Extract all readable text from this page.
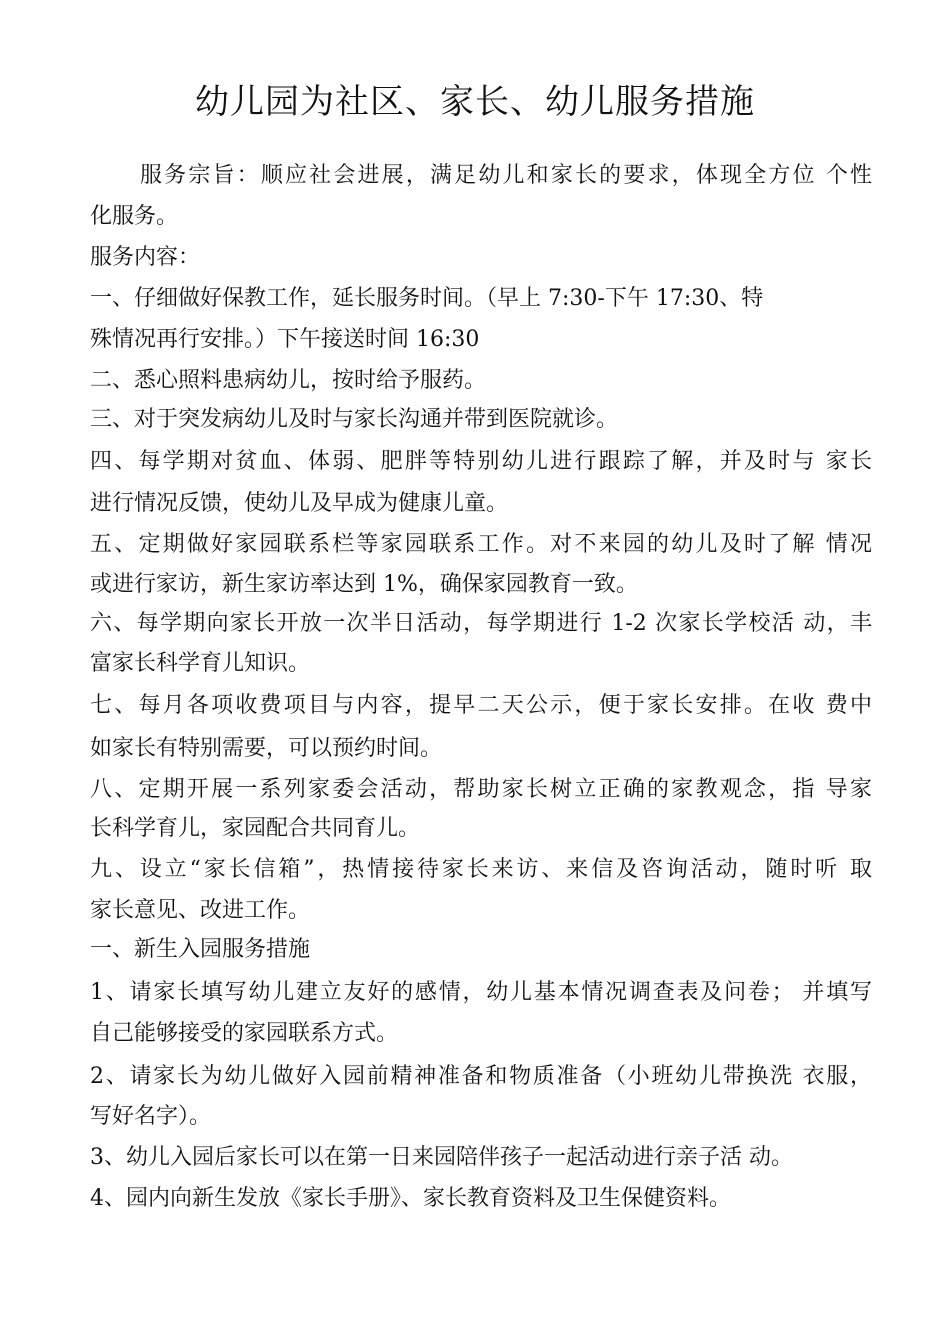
幼儿园为社区、家长、幼儿服务措施
服务宗旨：顺应社会进展，满足幼儿和家长的要求，体现全方位 个性
化服务。
服务内容：
一、仔细做好保教工作，延长服务时间。（早上 7:30-下午 17:30、特
殊情况再行安排。）下午接送时间 16:30
二、悉心照料患病幼儿，按时给予服药。
三、对于突发病幼儿及时与家长沟通并带到医院就诊。
四、每学期对贫血、体弱、肥胖等特别幼儿进行跟踪了解，并及时与 家长
进行情况反馈，使幼儿及早成为健康儿童。
五、定期做好家园联系栏等家园联系工作。对不来园的幼儿及时了解 情况
或进行家访，新生家访率达到 1%，确保家园教育一致。
六、每学期向家长开放一次半日活动，每学期进行 1-2 次家长学校活 动，丰
富家长科学育儿知识。
七、每月各项收费项目与内容，提早二天公示，便于家长安排。在收 费中
如家长有特别需要，可以预约时间。
八、定期开展一系列家委会活动，帮助家长树立正确的家教观念，指 导家
长科学育儿，家园配合共同育儿。
九、设立“家长信箱”，热情接待家长来访、来信及咨询活动，随时听 取
家长意见、改进工作。
一、新生入园服务措施
1、请家长填写幼儿建立友好的感情，幼儿基本情况调查表及问卷； 并填写
自己能够接受的家园联系方式。
2、请家长为幼儿做好入园前精神准备和物质准备（小班幼儿带换洗 衣服，
写好名字）。
3、幼儿入园后家长可以在第一日来园陪伴孩子一起活动进行亲子活 动。
4、园内向新生发放《家长手册》、家长教育资料及卫生保健资料。
